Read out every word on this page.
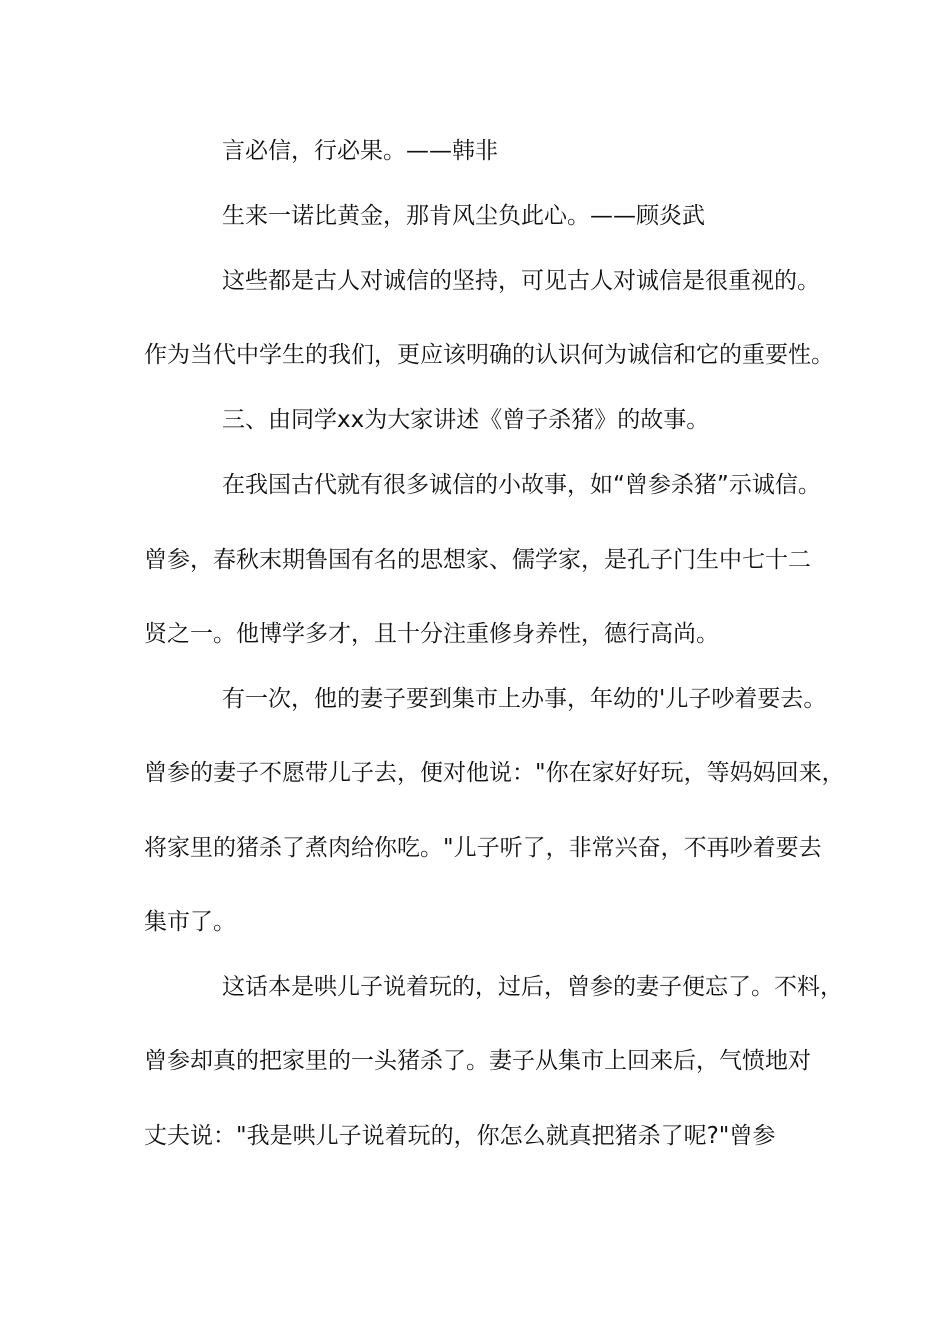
言必信，行必果。——韩非
生来一诺比黄金，那肯风尘负此心。——顾炎武
这些都是古人对诚信的坚持，可见古人对诚信是很重视的。
作为当代中学生的我们，更应该明确的认识何为诚信和它的重要性。
三、由同学xx为大家讲述《曾子杀猪》的故事。
在我国古代就有很多诚信的小故事，如“曾参杀猪”示诚信。
曾参，春秋末期鲁国有名的思想家、儒学家，是孔子门生中七十二
贤之一。他博学多才，且十分注重修身养性，德行高尚。
有一次，他的妻子要到集市上办事，年幼的'儿子吵着要去。
曾参的妻子不愿带儿子去，便对他说："你在家好好玩，等妈妈回来，
将家里的猪杀了煮肉给你吃。"儿子听了，非常兴奋，不再吵着要去
集市了。
这话本是哄儿子说着玩的，过后，曾参的妻子便忘了。不料，
曾参却真的把家里的一头猪杀了。妻子从集市上回来后，气愤地对
丈夫说："我是哄儿子说着玩的，你怎么就真把猪杀了呢?"曾参
